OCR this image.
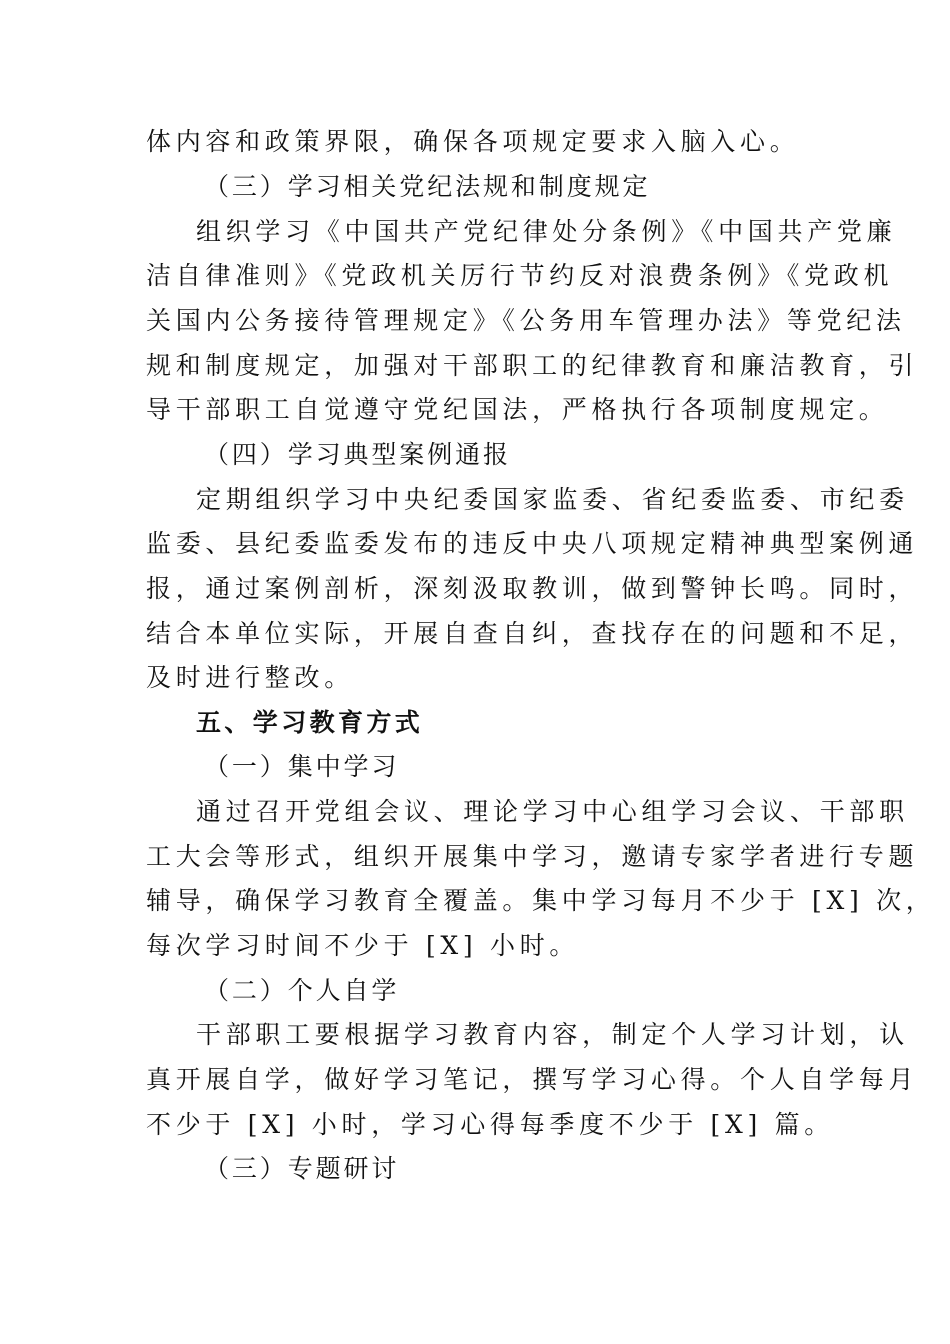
体内容和政策界限，确保各项规定要求入脑入心。

（三）学习相关党纪法规和制度规定

组织学习《中国共产党纪律处分条例》《中国共产党廉

洁自律准则》《党政机关厉行节约反对浪费条例》《党政机

关国内公务接待管理规定》《公务用车管理办法》等党纪法

规和制度规定，加强对干部职工的纪律教育和廉洁教育，引

导干部职工自觉遵守党纪国法，严格执行各项制度规定。

（四）学习典型案例通报

定期组织学习中央纪委国家监委、省纪委监委、市纪委

监委、县纪委监委发布的违反中央八项规定精神典型案例通

报，通过案例剖析，深刻汲取教训，做到警钟长鸣。同时，

结合本单位实际，开展自查自纠，查找存在的问题和不足，

及时进行整改。

五、学习教育方式

（一）集中学习

通过召开党组会议、理论学习中心组学习会议、干部职

工大会等形式，组织开展集中学习，邀请专家学者进行专题

辅导，确保学习教育全覆盖。集中学习每月不少于 [X] 次，

每次学习时间不少于 [X] 小时。

（二）个人自学

干部职工要根据学习教育内容，制定个人学习计划，认

真开展自学，做好学习笔记，撰写学习心得。个人自学每月

不少于 [X] 小时，学习心得每季度不少于 [X] 篇。

（三）专题研讨
